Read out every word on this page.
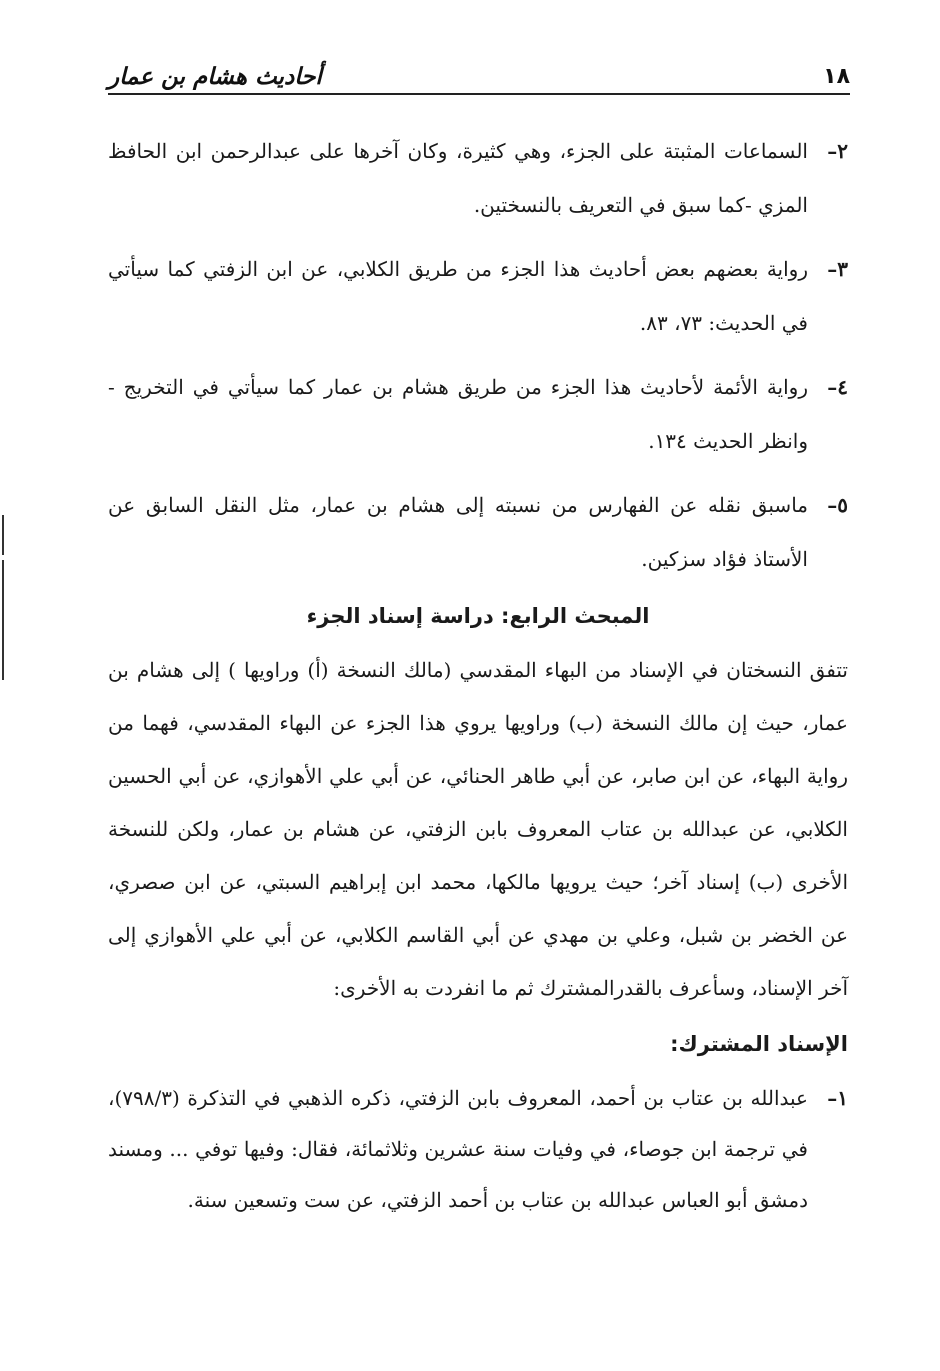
١٨
أحاديث هشام بن عمار
٢–
السماعات المثبتة على الجزء، وهي كثيرة، وكان آخرها على عبدالرحمن ابن الحافظ المزي -كما سبق في التعريف بالنسختين.
٣–
رواية بعضهم بعض أحاديث هذا الجزء من طريق الكلابي، عن ابن الزفتي كما سيأتي في الحديث: ٧٣، ٨٣.
٤–
رواية الأئمة لأحاديث هذا الجزء من طريق هشام بن عمار كما سيأتي في التخريج - وانظر الحديث ١٣٤.
٥–
ماسبق نقله عن الفهارس من نسبته إلى هشام بن عمار، مثل النقل السابق عن الأستاذ فؤاد سزكين.
المبحث الرابع: دراسة إسناد الجزء

تتفق النسختان في الإسناد من البهاء المقدسي (مالك النسخة (أ) وراويها ) إلى هشام بن عمار، حيث إن مالك النسخة (ب) وراويها يروي هذا الجزء عن البهاء المقدسي، فهما من رواية البهاء، عن ابن صابر، عن أبي طاهر الحنائي، عن أبي علي الأهوازي، عن أبي الحسين الكلابي، عن عبدالله بن عتاب المعروف بابن الزفتي، عن هشام بن عمار، ولكن للنسخة الأخرى (ب) إسناد آخر؛ حيث يرويها مالكها، محمد ابن إبراهيم السبتي، عن ابن صصري، عن الخضر بن شبل، وعلي بن مهدي عن أبي القاسم الكلابي، عن أبي علي الأهوازي إلى آخر الإسناد، وسأعرف بالقدرالمشترك ثم ما انفردت به الأخرى:

الإسناد المشترك:
١–
عبدالله بن عتاب بن أحمد، المعروف بابن الزفتي، ذكره الذهبي في التذكرة (٧٩٨/٣)، في ترجمة ابن جوصاء، في وفيات سنة عشرين وثلاثمائة، فقال: وفيها توفي ... ومسند دمشق أبو العباس عبدالله بن عتاب بن أحمد الزفتي، عن ست وتسعين سنة.
